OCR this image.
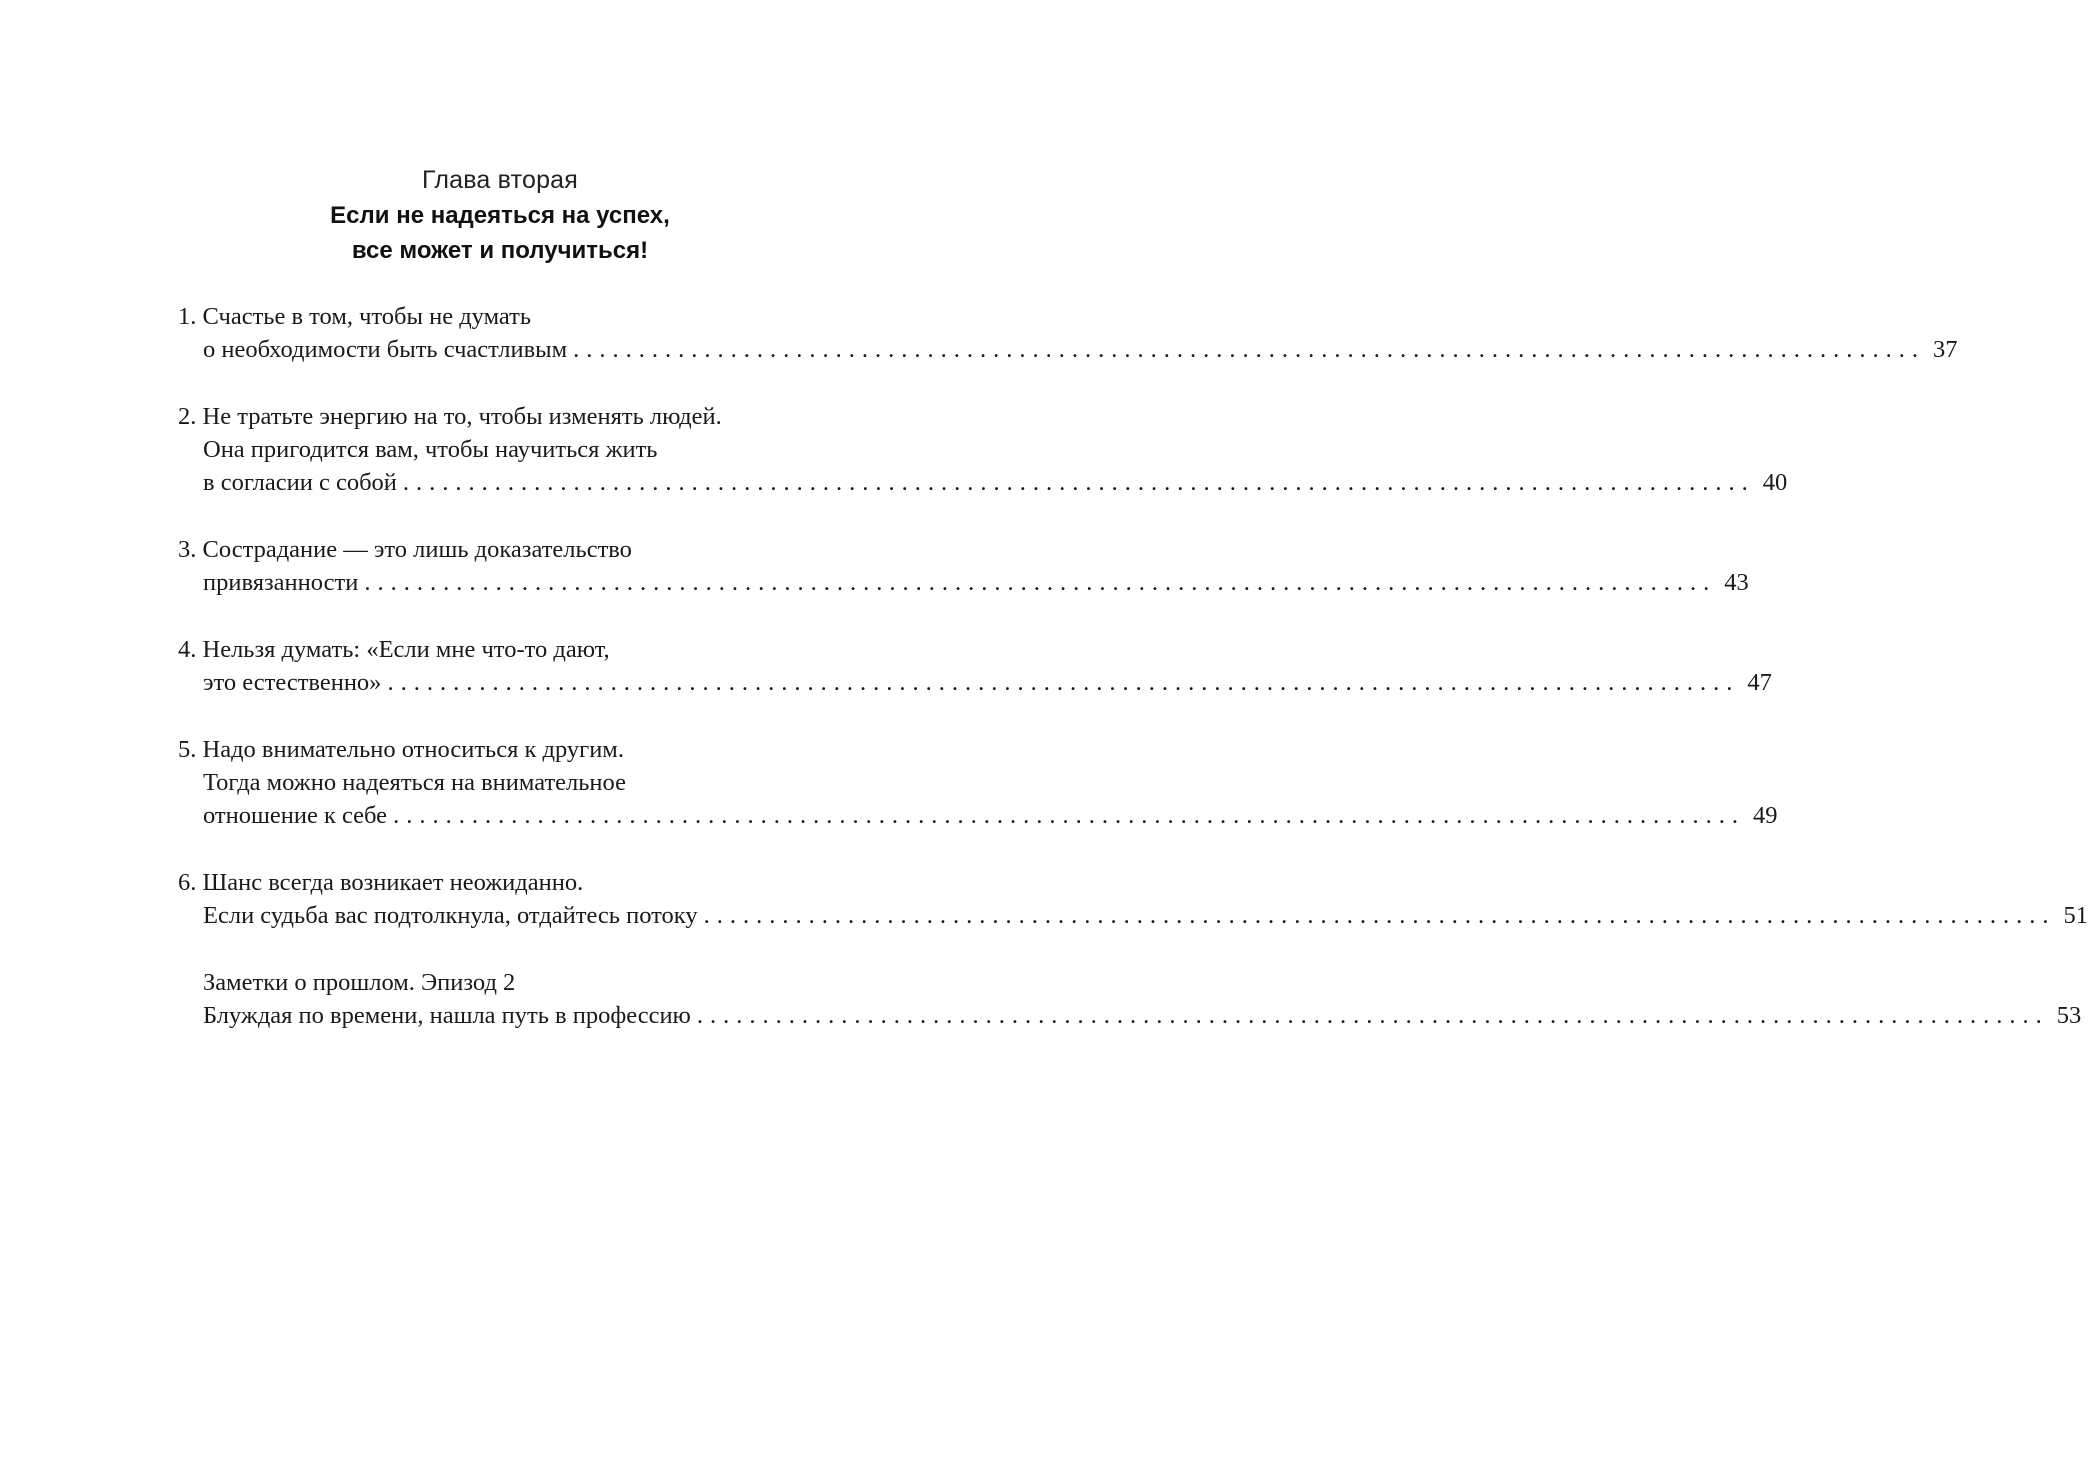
Глава вторая
Если не надеяться на успех,
все может и получиться!
1. Счастье в том, чтобы не думать
о необходимости быть счастливым ....................................................................................................... 37
2. Не тратьте энергию на то, чтобы изменять людей.
Она пригодится вам, чтобы научиться жить
в согласии с собой ....................................................................................................... 40
3. Сострадание — это лишь доказательство
привязанности ....................................................................................................... 43
4. Нельзя думать: «Если мне что-то дают,
это естественно» ....................................................................................................... 47
5. Надо внимательно относиться к другим.
Тогда можно надеяться на внимательное
отношение к себе ....................................................................................................... 49
6. Шанс всегда возникает неожиданно.
Если судьба вас подтолкнула, отдайтесь потоку ....................................................................................................... 51
Заметки о прошлом. Эпизод 2
Блуждая по времени, нашла путь в профессию ....................................................................................................... 53
